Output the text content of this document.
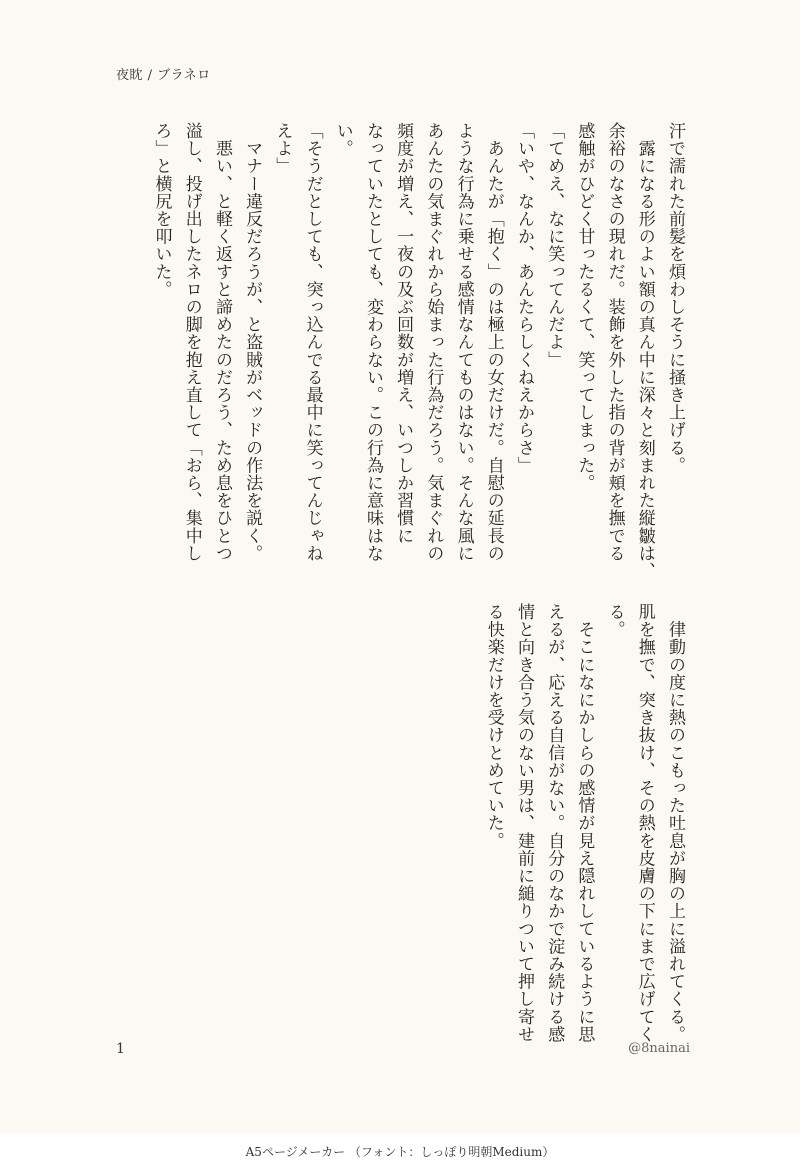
夜眈 / ブラネロ
汗で濡れた前髪を煩わしそうに掻き上げる。
　露になる形のよい額の真ん中に深々と刻まれた縦皺は、
余裕のなさの現れだ。装飾を外した指の背が頬を撫でる
感触がひどく甘ったるくて、笑ってしまった。
「てめえ、なに笑ってんだよ」
「いや、なんか、あんたらしくねえからさ」
　あんたが「抱く」のは極上の女だけだ。自慰の延長の
ような行為に乗せる感情なんてものはない。そんな風に
あんたの気まぐれから始まった行為だろう。気まぐれの
頻度が増え、一夜の及ぶ回数が増え、いつしか習慣に
なっていたとしても、変わらない。この行為に意味はな
い。
「そうだとしても、突っ込んでる最中に笑ってんじゃね
えよ」
　マナー違反だろうが、と盗賊がベッドの作法を説く。
　悪い、と軽く返すと諦めたのだろう、ため息をひとつ
溢し、投げ出したネロの脚を抱え直して「おら、集中し
ろ」と横尻を叩いた。
　律動の度に熱のこもった吐息が胸の上に溢れてくる。
肌を撫で、突き抜け、その熱を皮膚の下にまで広げてく
る。
　そこになにかしらの感情が見え隠れしているように思
えるが、応える自信がない。自分のなかで淀み続ける感
情と向き合う気のない男は、建前に縋りついて押し寄せ
る快楽だけを受けとめていた。
1	@8nainai
A5ページメーカー （フォント：しっぽり明朝Medium）
